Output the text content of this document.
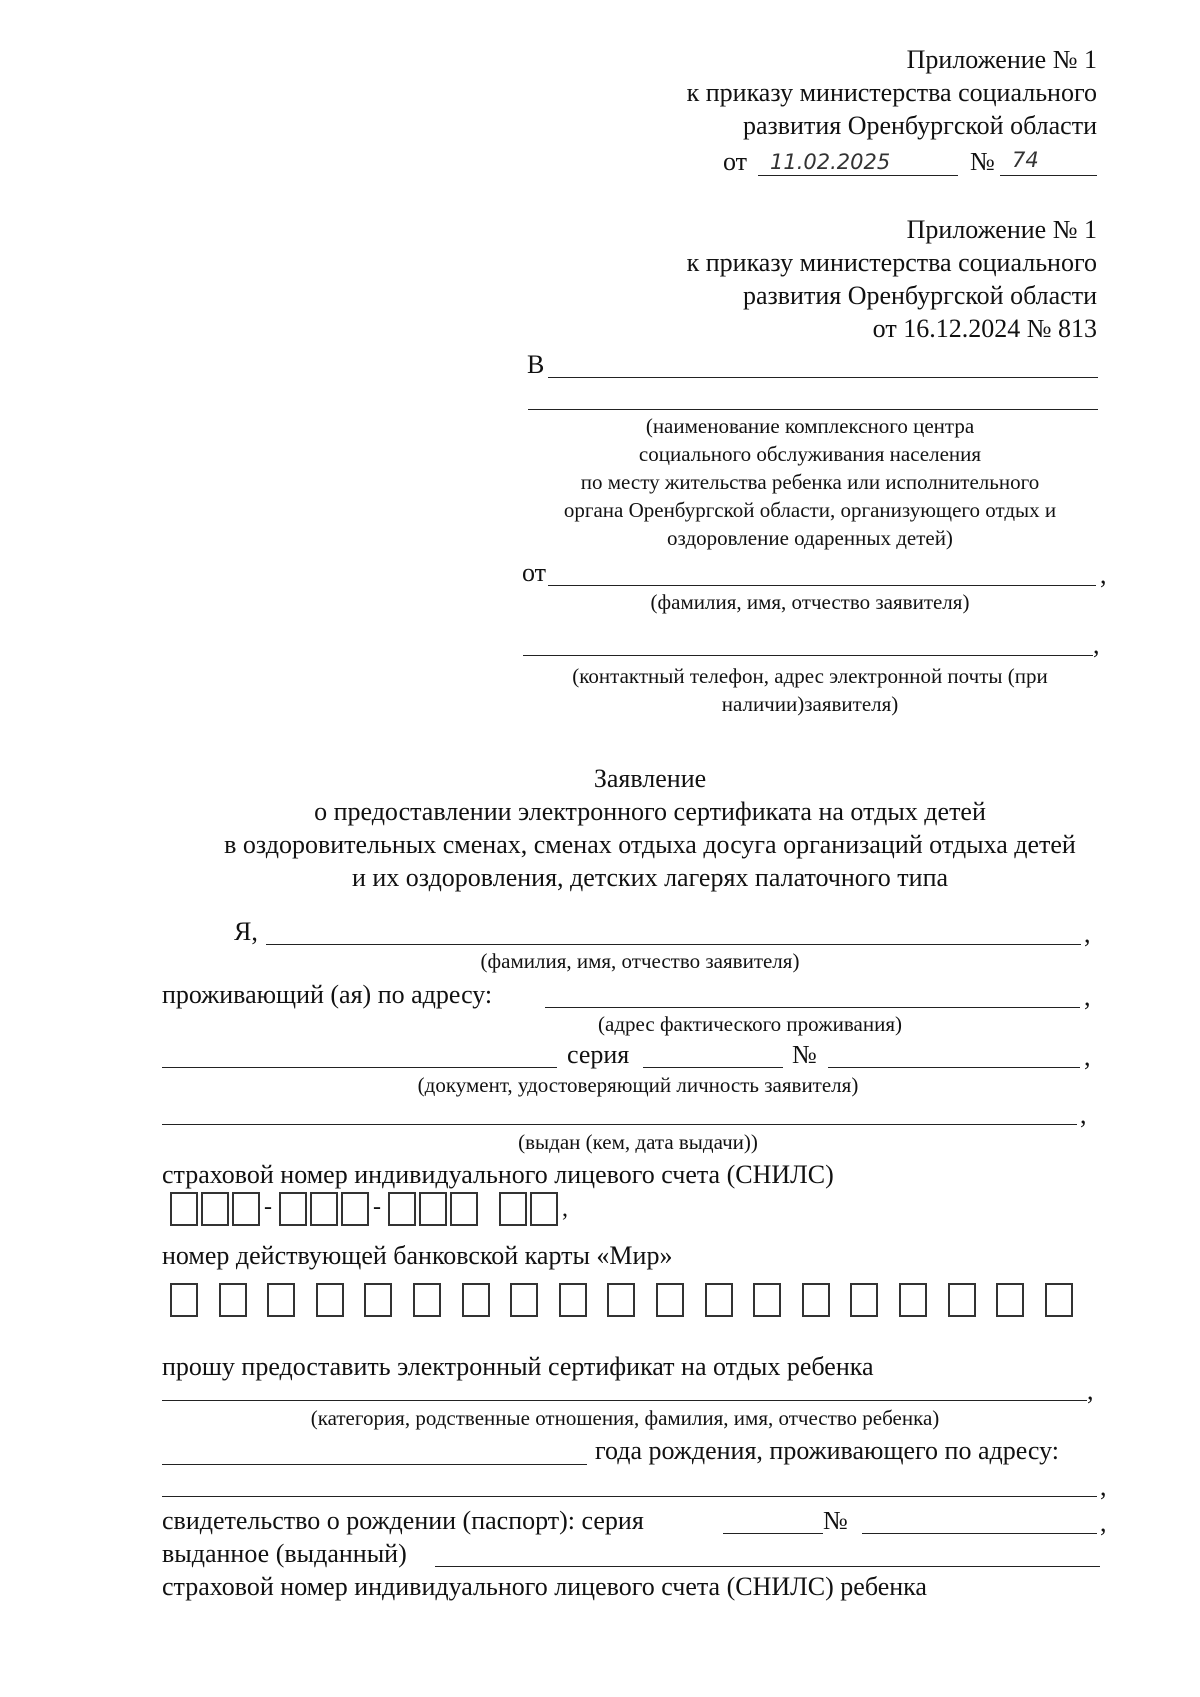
Приложение № 1
к приказу министерства социального
развития Оренбургской области
от 11.02.2025	№ 74
Приложение № 1
к приказу министерства социального
развития Оренбургской области
от 16.12.2024 № 813
В
(наименование комплексного центра
социального обслуживания населения
по месту жительства ребенка или исполнительного
органа Оренбургской области, организующего отдых и
оздоровление одаренных детей)
от	,
(фамилия, имя, отчество заявителя)
,
(контактный телефон, адрес электронной почты (при
наличии)заявителя)
Заявление
о предоставлении электронного сертификата на отдых детей
в оздоровительных сменах, сменах отдыха досуга организаций отдыха детей
и их оздоровления, детских лагерях палаточного типа
Я,	,
(фамилия, имя, отчество заявителя)
проживающий (ая) по адресу:	,
(адрес фактического проживания)
серия	№	,
(документ, удостоверяющий личность заявителя)
,
(выдан (кем, дата выдачи))
страховой номер индивидуального лицевого счета (СНИЛС)
-	-	,
номер действующей банковской карты «Мир»
прошу предоставить электронный сертификат на отдых ребенка
,
(категория, родственные отношения, фамилия, имя, отчество ребенка)
года рождения, проживающего по адресу:
,
свидетельство о рождении (паспорт): серия	№	,
выданное (выданный)
страховой номер индивидуального лицевого счета (СНИЛС) ребенка
